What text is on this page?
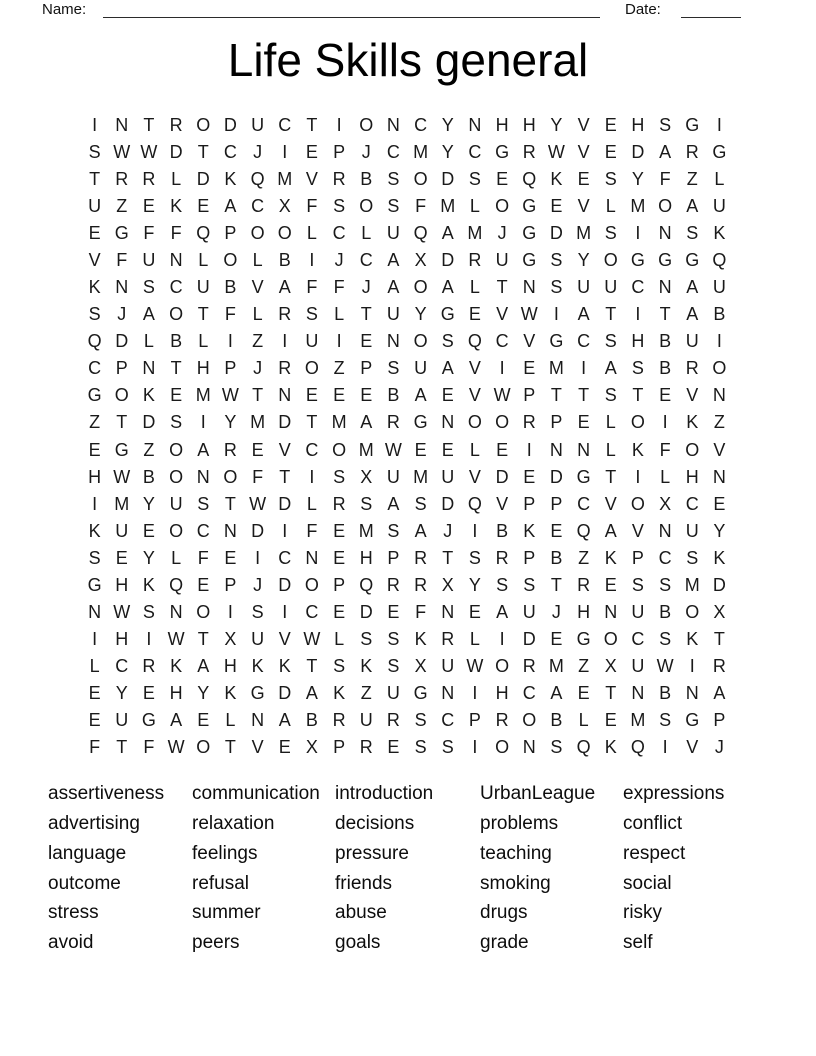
Name:	Date:
Life Skills general
I	N T R O D U C T	I O N C Y N H H Y V E H S G I
S W W D T C J	I	E P J C M Y C G R W V E D A R G
T R R L D K Q M V R B S O D S E Q K E S Y F Z L
U Z E K E A C X F S O S F M L O G E V L M O A U
E G F F Q P O O L C L U Q A M J G D M S	I	N S K
V F U N L O L B	I	J C A X D R U G S Y O G G G Q
K N S C U B V A F F J A O A L T N S U U C N A U
S J A O T F L R S L T U Y G E V W I	A T	I	T A B
Q D L B L	I	Z	I	U	I	E N O S Q C V G C S H B U	I
C P N T H P J R O Z P S U A V	I	E M I	A S B R O
G O K E M W T N E E E B A E V W P T T S T E V N
Z T D S	I	Y M D T M A R G N O O R P E L O I	K Z
E G Z O A R E V C O M W E E L E	I	N N L K F O V
H W B O N O F T	I	S X U M U V D E D G T	I	L H N
I M Y U S T W D L R S A S D Q V P P C V O X C E
K U E O C N D	I	F E M S A J	I	B K E Q A V N U Y
S E Y L F E	I	C N E H P R T S R P B Z K P C S K
G H K Q E P J D O P Q R R X Y S S T R E S S M D
N W S N O I	S	I	C E D E F N E A U J H N U B O X
I	H	I W T X U V W L S S K R L	I	D E G O C S K T
L C R K A H K K T S K S X U W O R M Z X U W I	R
E Y E H Y K G D A K Z U G N	I	H C A E T N B N A
E U G A E L N A B R U R S C P R O B L E M S G P
F T F W O T V E X P R E S S	I O N S Q K Q I	V J
assertiveness
advertising
language
outcome
stress
avoid
communication
relaxation
feelings
refusal
summer
peers
introduction
decisions
pressure
friends
abuse
goals
UrbanLeague
problems
teaching
smoking
drugs
grade
expressions
conflict
respect
social
risky
self
